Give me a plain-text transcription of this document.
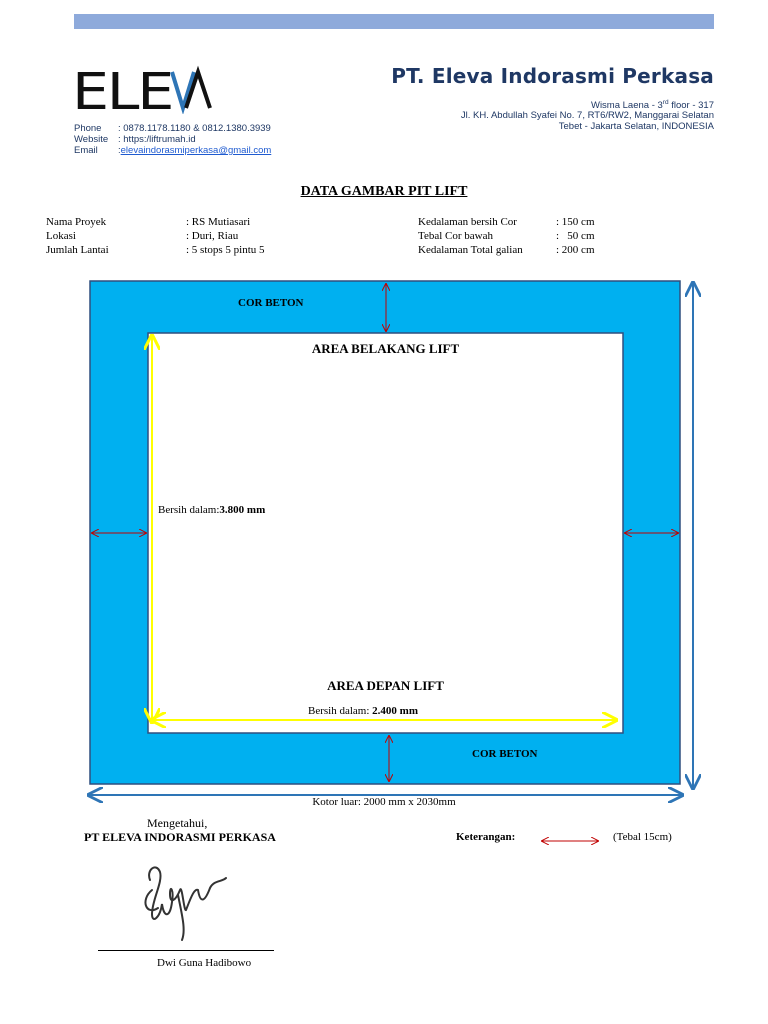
ELE	PT. Eleva Indorasmi Perkasa
Wisma Laena - 3rd floor - 317
Jl. KH. Abdullah Syafei No. 7, RT6/RW2, Manggarai Selatan
Tebet - Jakarta Selatan, INDONESIA
Phone	: 0878.1178.1180 & 0812.1380.3939
Website	: https:/liftrumah.id
Email	: elevaindorasmiperkasa@gmail.com
DATA GAMBAR PIT LIFT
Nama Proyek	: RS Mutiasari
Lokasi	: Duri, Riau
Jumlah Lantai	: 5 stops 5 pintu 5
Kedalaman bersih Cor	: 150 cm
Tebal Cor bawah	:   50 cm
Kedalaman Total galian	: 200 cm
COR BETON
AREA BELAKANG LIFT
Bersih dalam:3.800 mm
AREA DEPAN LIFT
Bersih dalam: 2.400 mm
COR BETON
Kotor luar: 2000 mm x 2030mm
Mengetahui,
PT ELEVA INDORASMI PERKASA	Keterangan:	(Tebal 15cm)
Dwi Guna Hadibowo
